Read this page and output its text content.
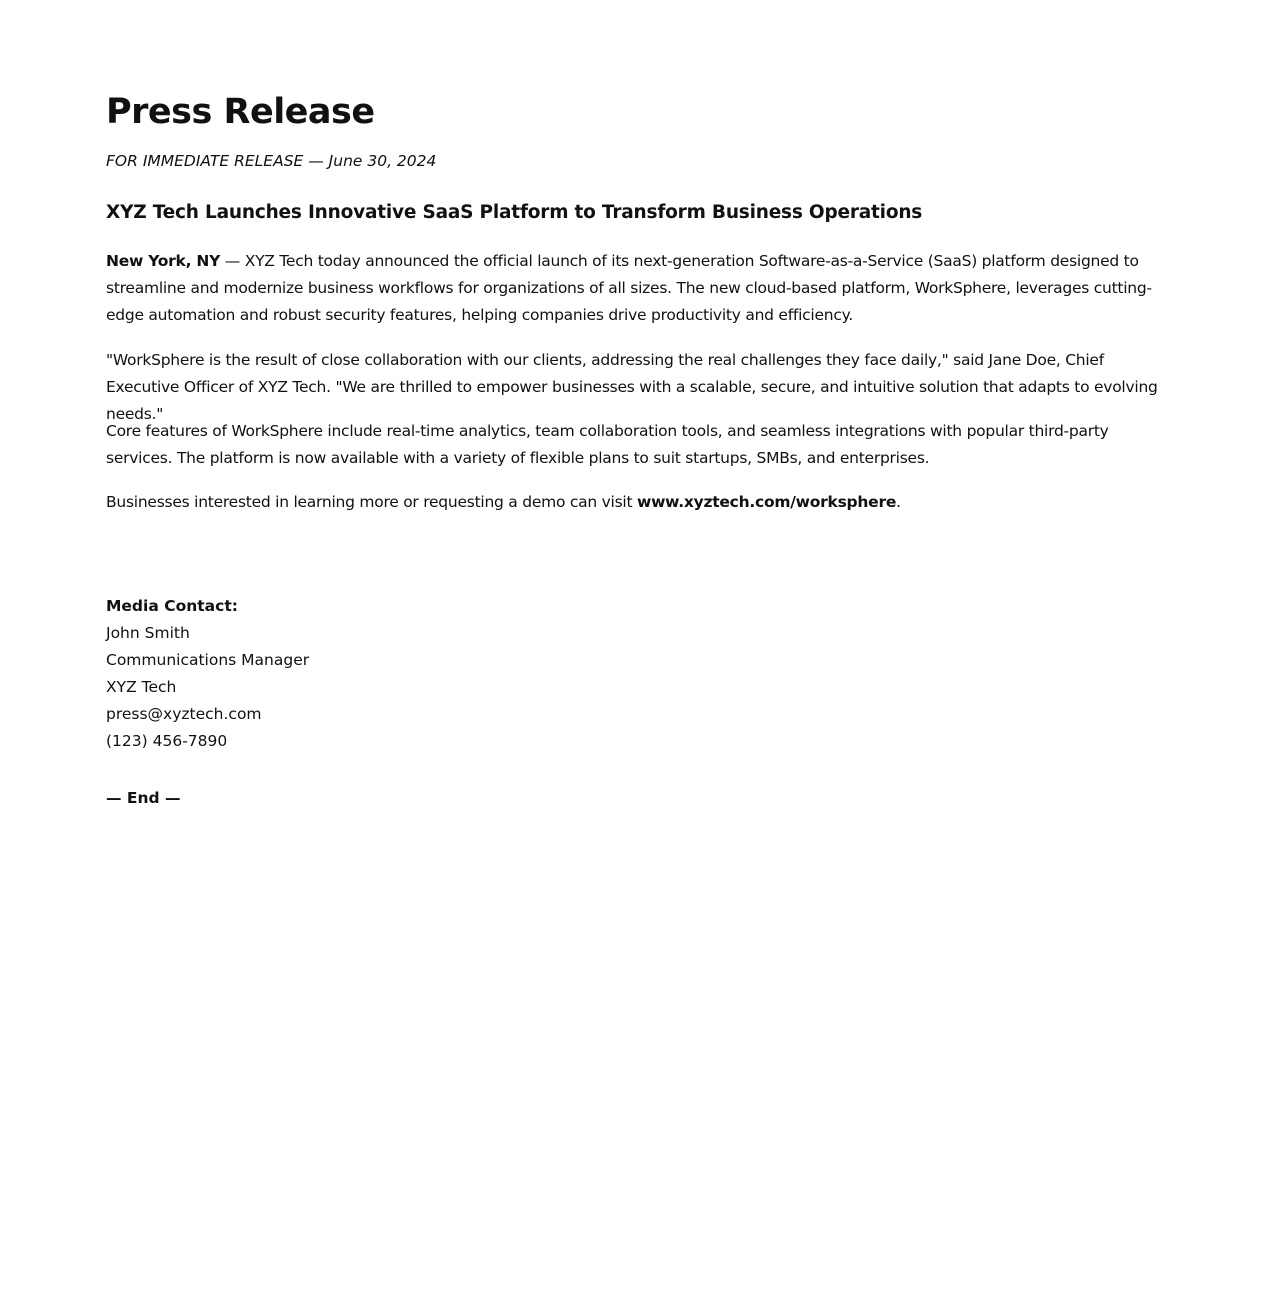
Press Release

FOR IMMEDIATE RELEASE — June 30, 2024

XYZ Tech Launches Innovative SaaS Platform to Transform Business Operations

New York, NY — XYZ Tech today announced the official launch of its next-generation Software-as-a-Service (SaaS) platform designed to streamline and modernize business workflows for organizations of all sizes. The new cloud-based platform, WorkSphere, leverages cutting-edge automation and robust security features, helping companies drive productivity and efficiency.

"WorkSphere is the result of close collaboration with our clients, addressing the real challenges they face daily," said Jane Doe, Chief Executive Officer of XYZ Tech. "We are thrilled to empower businesses with a scalable, secure, and intuitive solution that adapts to evolving needs."

Core features of WorkSphere include real-time analytics, team collaboration tools, and seamless integrations with popular third-party services. The platform is now available with a variety of flexible plans to suit startups, SMBs, and enterprises.

Businesses interested in learning more or requesting a demo can visit www.xyztech.com/worksphere.

Media Contact:
John Smith
Communications Manager
XYZ Tech
press@xyztech.com
(123) 456-7890
— End —
